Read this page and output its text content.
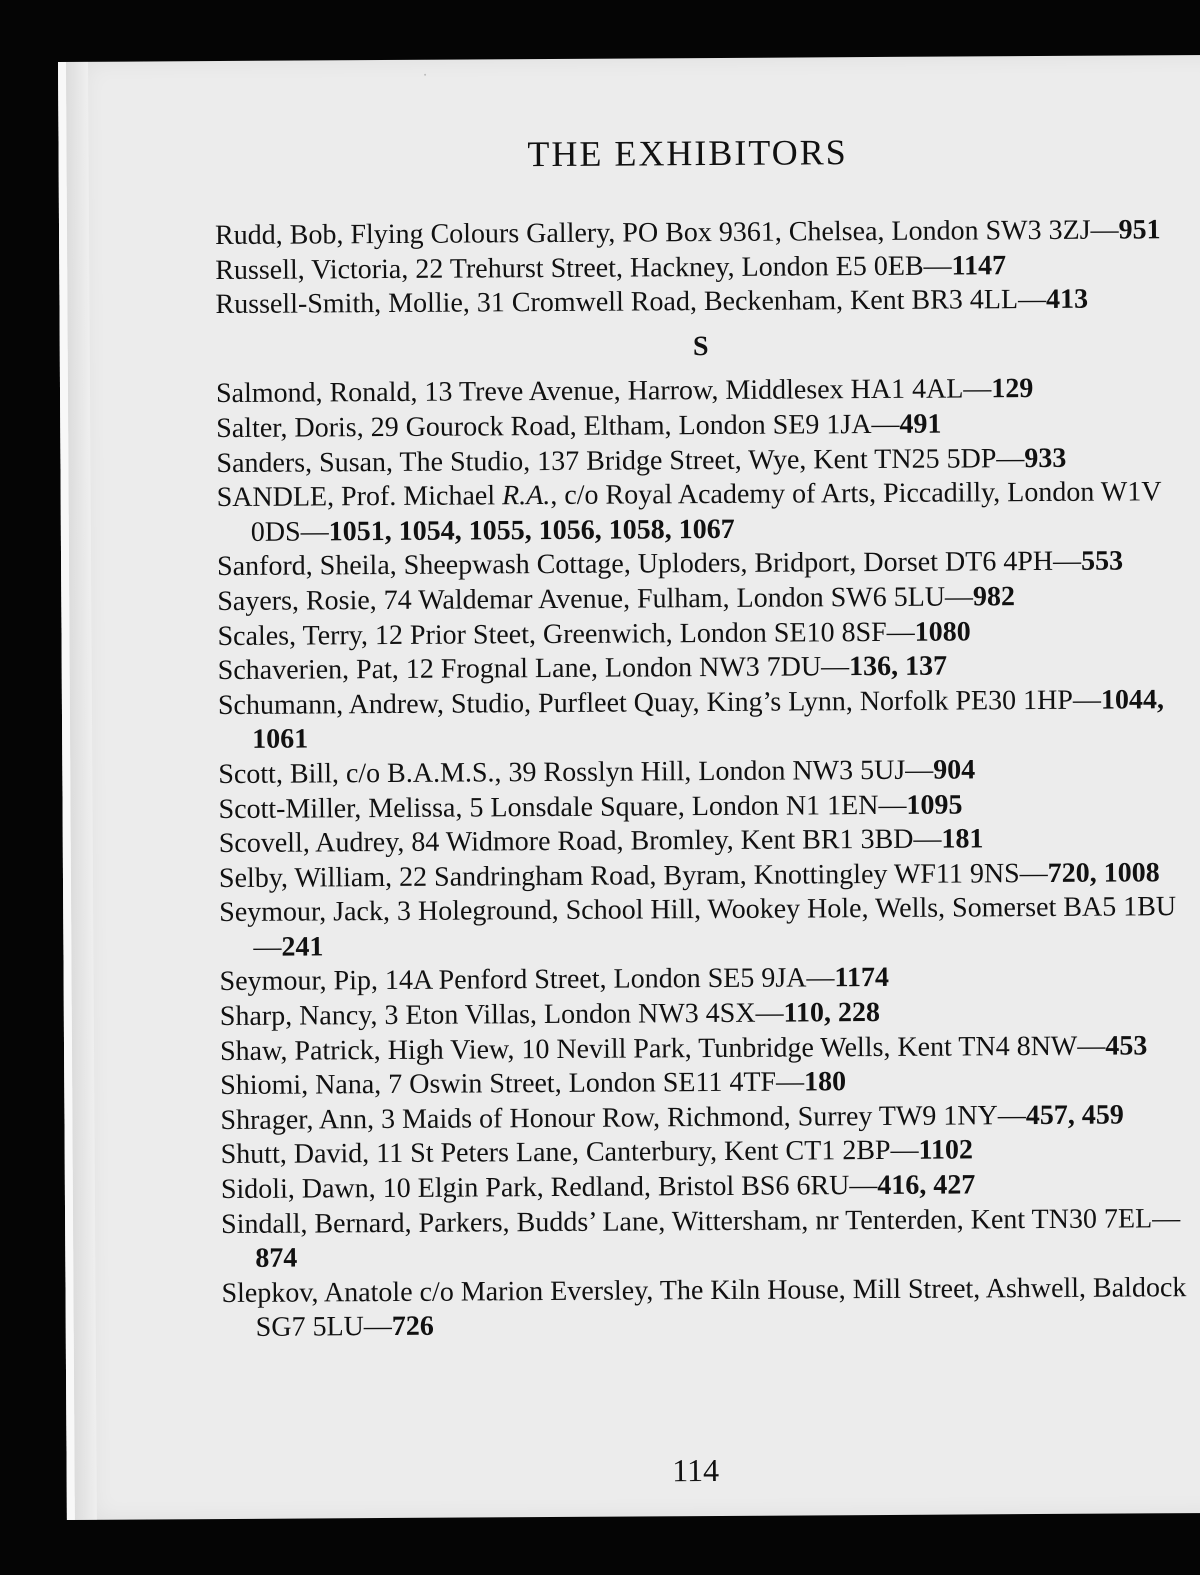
THE EXHIBITORS

Rudd, Bob, Flying Colours Gallery, PO Box 9361, Chelsea, London SW3 3ZJ—951

Russell, Victoria, 22 Trehurst Street, Hackney, London E5 0EB—1147

Russell-Smith, Mollie, 31 Cromwell Road, Beckenham, Kent BR3 4LL—413

S

Salmond, Ronald, 13 Treve Avenue, Harrow, Middlesex HA1 4AL—129

Salter, Doris, 29 Gourock Road, Eltham, London SE9 1JA—491

Sanders, Susan, The Studio, 137 Bridge Street, Wye, Kent TN25 5DP—933

SANDLE, Prof. Michael R.A., c/o Royal Academy of Arts, Piccadilly, London W1V 0DS—1051, 1054, 1055, 1056, 1058, 1067

Sanford, Sheila, Sheepwash Cottage, Uploders, Bridport, Dorset DT6 4PH—553

Sayers, Rosie, 74 Waldemar Avenue, Fulham, London SW6 5LU—982

Scales, Terry, 12 Prior Steet, Greenwich, London SE10 8SF—1080

Schaverien, Pat, 12 Frognal Lane, London NW3 7DU—136, 137

Schumann, Andrew, Studio, Purfleet Quay, King’s Lynn, Norfolk PE30 1HP—1044, 1061

Scott, Bill, c/o B.A.M.S., 39 Rosslyn Hill, London NW3 5UJ—904

Scott-Miller, Melissa, 5 Lonsdale Square, London N1 1EN—1095

Scovell, Audrey, 84 Widmore Road, Bromley, Kent BR1 3BD—181

Selby, William, 22 Sandringham Road, Byram, Knottingley WF11 9NS—720, 1008

Seymour, Jack, 3 Holeground, School Hill, Wookey Hole, Wells, Somerset BA5 1BU—241

Seymour, Pip, 14A Penford Street, London SE5 9JA—1174

Sharp, Nancy, 3 Eton Villas, London NW3 4SX—110, 228

Shaw, Patrick, High View, 10 Nevill Park, Tunbridge Wells, Kent TN4 8NW—453

Shiomi, Nana, 7 Oswin Street, London SE11 4TF—180

Shrager, Ann, 3 Maids of Honour Row, Richmond, Surrey TW9 1NY—457, 459

Shutt, David, 11 St Peters Lane, Canterbury, Kent CT1 2BP—1102

Sidoli, Dawn, 10 Elgin Park, Redland, Bristol BS6 6RU—416, 427

Sindall, Bernard, Parkers, Budds’ Lane, Wittersham, nr Tenterden, Kent TN30 7EL—874

Slepkov, Anatole c/o Marion Eversley, The Kiln House, Mill Street, Ashwell, Baldock SG7 5LU—726

114
